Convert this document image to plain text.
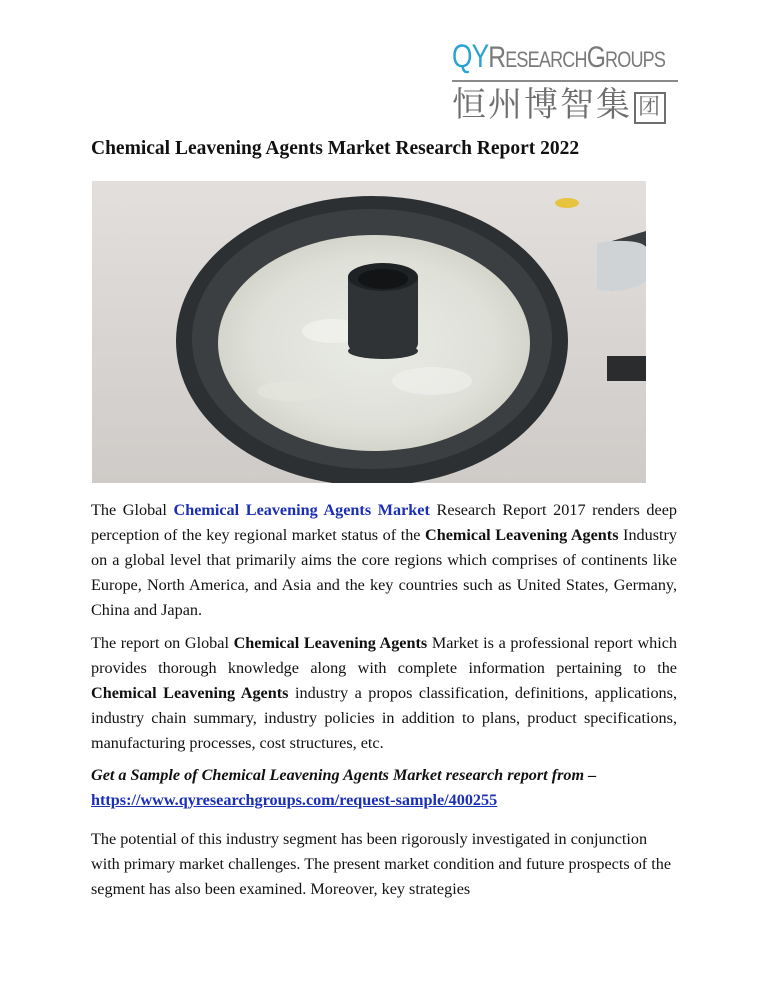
QYRESEARCHGROUPS
恒州博智集 团
Chemical Leavening Agents Market Research Report 2022

The Global Chemical Leavening Agents Market Research Report 2017 renders deep perception of the key regional market status of the Chemical Leavening Agents Industry on a global level that primarily aims the core regions which comprises of continents like Europe, North America, and Asia and the key countries such as United States, Germany, China and Japan.

The report on Global Chemical Leavening Agents Market is a professional report which provides thorough knowledge along with complete information pertaining to the Chemical Leavening Agents industry a propos classification, definitions, applications, industry chain summary, industry policies in addition to plans, product specifications, manufacturing processes, cost structures, etc.

Get a Sample of Chemical Leavening Agents Market research report from –
https://www.qyresearchgroups.com/request-sample/400255

The potential of this industry segment has been rigorously investigated in conjunction with primary market challenges. The present market condition and future prospects of the segment has also been examined. Moreover, key strategies
